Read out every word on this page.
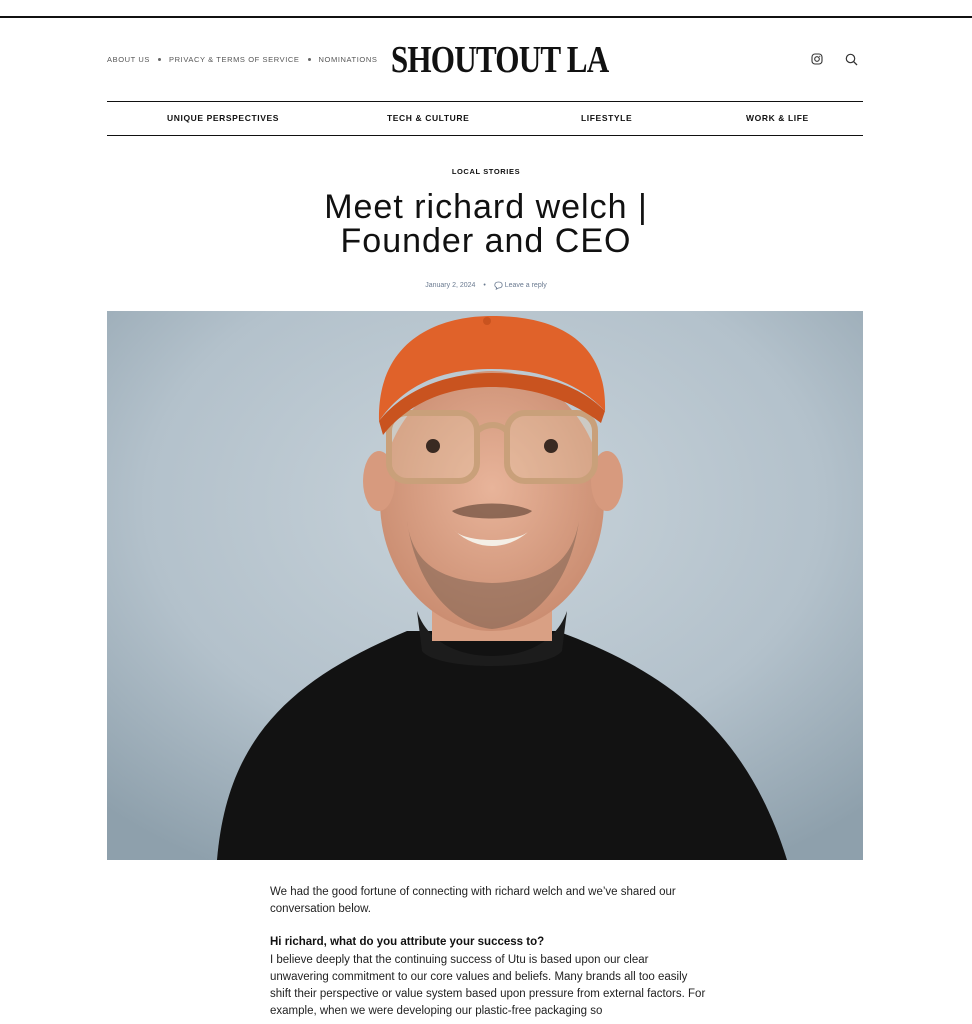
ABOUT US	PRIVACY & TERMS OF SERVICE	NOMINATIONS SHOUTOUT LA
UNIQUE PERSPECTIVES	TECH & CULTURE	LIFESTYLE	WORK & LIFE
LOCAL STORIES
Meet richard welch | Founder and CEO
January 2, 2024 •	Leave a reply

We had the good fortune of connecting with richard welch and we’ve shared our conversation below.

Hi richard, what do you attribute your success to?
I believe deeply that the continuing success of Utu is based upon our clear unwavering commitment to our core values and beliefs. Many brands all too easily shift their perspective or value system based upon pressure from external factors. For example, when we were developing our plastic-free packaging so
